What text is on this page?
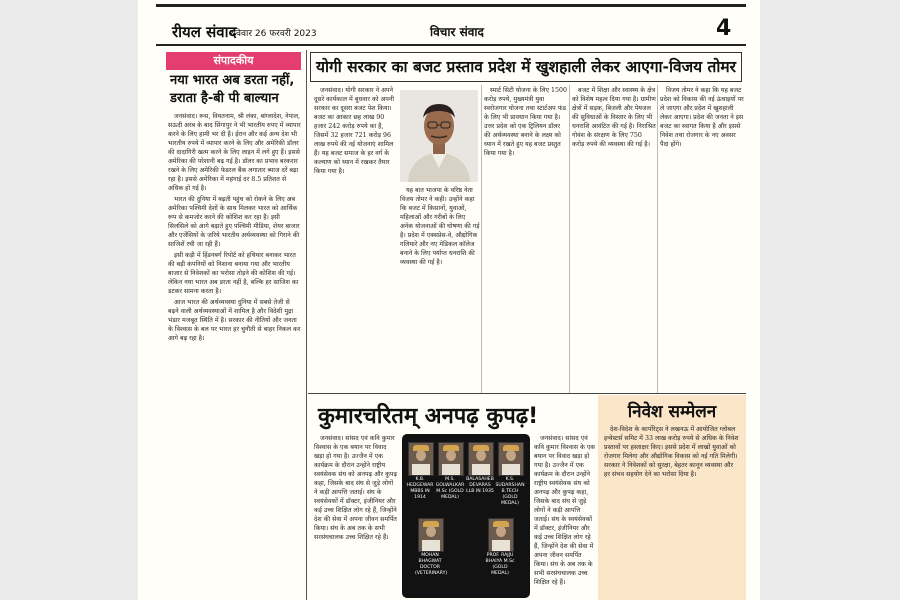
रीयल संवाद
रविवार 26 फरवरी 2023	विचार संवाद	4
संपादकीय
नया भारत अब डरता नहीं, डराता है-बी पी बाल्यान

जनसंवाद। रूस, वियतनाम, श्री लंका, बांग्लादेश, नेपाल, सऊदी अरब के बाद सिंगापुर ने भी भारतीय रुपए में व्यापार करने के लिए हामी भर दी है। ईरान और कई अन्य देश भी भारतीय रुपये में व्यापार करने के लिए और अमेरिकी डॉलर की दादागिरी खत्म करने के लिए लाइन में लगे हुए हैं। इससे अमेरिका की परेशानी बढ़ गई है। डॉलर का प्रभाव बरकरार रखने के लिए अमेरिकी फेडरल बैंक लगातार ब्याज दरें बढ़ा रहा है। इससे अमेरिका में महंगाई दर 8.5 प्रतिशत से अधिक हो गई है।

भारत की दुनिया में बढ़ती पहुंच को रोकने के लिए अब अमेरिका पश्चिमी देशों के साथ मिलकर भारत को आर्थिक रूप से कमजोर करने की कोशिश कर रहा है। इसी सिलसिले को आगे बढ़ाते हुए पश्चिमी मीडिया, शेयर बाजार और एजेंसियों के जरिये भारतीय अर्थव्यवस्था को गिराने की साजिशें रची जा रही हैं।

इसी कड़ी में हिंडनबर्ग रिपोर्ट को हथियार बनाकर भारत की बड़ी कंपनियों को निशाना बनाया गया और भारतीय बाजार से निवेशकों का भरोसा तोड़ने की कोशिश की गई। लेकिन नया भारत अब डरता नहीं है, बल्कि हर साजिश का डटकर सामना करता है।

आज भारत की अर्थव्यवस्था दुनिया में सबसे तेजी से बढ़ने वाली अर्थव्यवस्थाओं में शामिल है और विदेशी मुद्रा भंडार मजबूत स्थिति में है। सरकार की नीतियों और जनता के विश्वास के बल पर भारत हर चुनौती से बाहर निकल कर आगे बढ़ रहा है।

योगी सरकार का बजट प्रस्ताव प्रदेश में खुशहाली लेकर आएगा-विजय तोमर

जनसंवाद। योगी सरकार ने अपने दूसरे कार्यकाल में बुधवार को अपनी सरकार का दूसरा बजट पेश किया। बजट का आकार छह लाख 90 हजार 242 करोड़ रुपये का है, जिसमें 32 हजार 721 करोड़ 96 लाख रुपये की नई योजनाएं शामिल हैं। यह बजट समाज के हर वर्ग के कल्याण को ध्यान में रखकर तैयार किया गया है।

यह बात भाजपा के वरिष्ठ नेता विजय तोमर ने कही। उन्होंने कहा कि बजट में किसानों, युवाओं, महिलाओं और गरीबों के लिए अनेक योजनाओं की घोषणा की गई है। प्रदेश में एक्सप्रेस-वे, औद्योगिक गलियारे और नए मेडिकल कॉलेज बनाने के लिए पर्याप्त धनराशि की व्यवस्था की गई है।

स्मार्ट सिटी योजना के लिए 1500 करोड़ रुपये, मुख्यमंत्री युवा स्वरोजगार योजना तथा स्टार्टअप फंड के लिए भी प्रावधान किया गया है। उत्तर प्रदेश को एक ट्रिलियन डॉलर की अर्थव्यवस्था बनाने के लक्ष्य को ध्यान में रखते हुए यह बजट प्रस्तुत किया गया है।

बजट में शिक्षा और स्वास्थ्य के क्षेत्र को विशेष महत्व दिया गया है। ग्रामीण क्षेत्रों में सड़क, बिजली और पेयजल की सुविधाओं के विस्तार के लिए भी धनराशि आवंटित की गई है। निराश्रित गोवंश के संरक्षण के लिए 750 करोड़ रुपये की व्यवस्था की गई है।

विजय तोमर ने कहा कि यह बजट प्रदेश को विकास की नई ऊंचाइयों पर ले जाएगा और प्रदेश में खुशहाली लेकर आएगा। प्रदेश की जनता ने इस बजट का स्वागत किया है और इससे निवेश तथा रोजगार के नए अवसर पैदा होंगे।

कुमारचरितम् अनपढ़ कुपढ़!

जनसंवाद। सांसद एवं कवि कुमार विश्वास के एक बयान पर विवाद खड़ा हो गया है। उज्जैन में एक कार्यक्रम के दौरान उन्होंने राष्ट्रीय स्वयंसेवक संघ को अनपढ़ और कुपढ़ कहा, जिसके बाद संघ से जुड़े लोगों ने कड़ी आपत्ति जताई। संघ के स्वयंसेवकों में डॉक्टर, इंजीनियर और कई उच्च शिक्षित लोग रहे हैं, जिन्होंने देश की सेवा में अपना जीवन समर्पित किया। संघ के अब तक के सभी सरसंघचालक उच्च शिक्षित रहे हैं।

जनसंवाद। सांसद एवं कवि कुमार विश्वास के एक बयान पर विवाद खड़ा हो गया है। उज्जैन में एक कार्यक्रम के दौरान उन्होंने राष्ट्रीय स्वयंसेवक संघ को अनपढ़ और कुपढ़ कहा, जिसके बाद संघ से जुड़े लोगों ने कड़ी आपत्ति जताई। संघ के स्वयंसेवकों में डॉक्टर, इंजीनियर और कई उच्च शिक्षित लोग रहे हैं, जिन्होंने देश की सेवा में अपना जीवन समर्पित किया। संघ के अब तक के सभी सरसंघचालक उच्च शिक्षित रहे हैं।

K.B. HEDGEWAR MBBS IN 1914
M.S. GOLWALKAR M.Sc (GOLD MEDAL)
BALASAHEB DEVARAS LLB IN 1935
K.S. SUDARSHAN B.TECH (GOLD MEDAL)
MOHAN BHAGWAT DOCTOR (VETERINARY)
PROF. RAJJU BHAIYA M.Sc (GOLD MEDAL)
निवेश सम्मेलन

देश-विदेश के कार्पोरेट्स ने लखनऊ में आयोजित ग्लोबल इन्वेस्टर्स समिट में 33 लाख करोड़ रुपये से अधिक के निवेश प्रस्तावों पर हस्ताक्षर किए। इससे प्रदेश में लाखों युवाओं को रोजगार मिलेगा और औद्योगिक विकास को नई गति मिलेगी। सरकार ने निवेशकों को सुरक्षा, बेहतर कानून व्यवस्था और हर संभव सहयोग देने का भरोसा दिया है।
